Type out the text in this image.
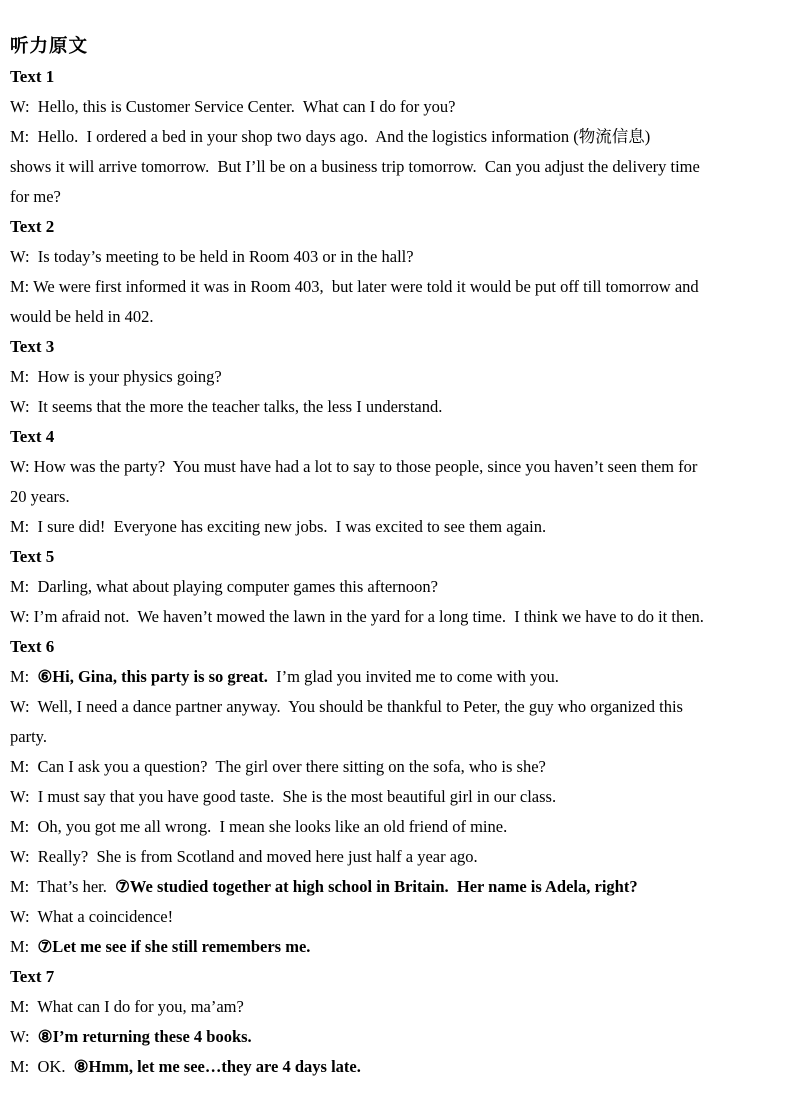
听力原文
Text 1
W:  Hello, this is Customer Service Center.  What can I do for you?
M:  Hello.  I ordered a bed in your shop two days ago.  And the logistics information (物流信息)
shows it will arrive tomorrow.  But I’ll be on a business trip tomorrow.  Can you adjust the delivery time
for me?
Text 2
W:  Is today’s meeting to be held in Room 403 or in the hall?
M: We were first informed it was in Room 403,  but later were told it would be put off till tomorrow and
would be held in 402.
Text 3
M:  How is your physics going?
W:  It seems that the more the teacher talks, the less I understand.
Text 4
W: How was the party?  You must have had a lot to say to those people, since you haven’t seen them for
20 years.
M:  I sure did!  Everyone has exciting new jobs.  I was excited to see them again.
Text 5
M:  Darling, what about playing computer games this afternoon?
W: I’m afraid not.  We haven’t mowed the lawn in the yard for a long time.  I think we have to do it then.
Text 6
M:  ⑥Hi, Gina, this party is so great.  I’m glad you invited me to come with you.
W:  Well, I need a dance partner anyway.  You should be thankful to Peter, the guy who organized this
party.
M:  Can I ask you a question?  The girl over there sitting on the sofa, who is she?
W:  I must say that you have good taste.  She is the most beautiful girl in our class.
M:  Oh, you got me all wrong.  I mean she looks like an old friend of mine.
W:  Really?  She is from Scotland and moved here just half a year ago.
M:  That’s her.  ⑦We studied together at high school in Britain.  Her name is Adela, right?
W:  What a coincidence!
M:  ⑦Let me see if she still remembers me.
Text 7
M:  What can I do for you, ma’am?
W:  ⑧I’m returning these 4 books.
M:  OK.  ⑧Hmm, let me see…they are 4 days late.
